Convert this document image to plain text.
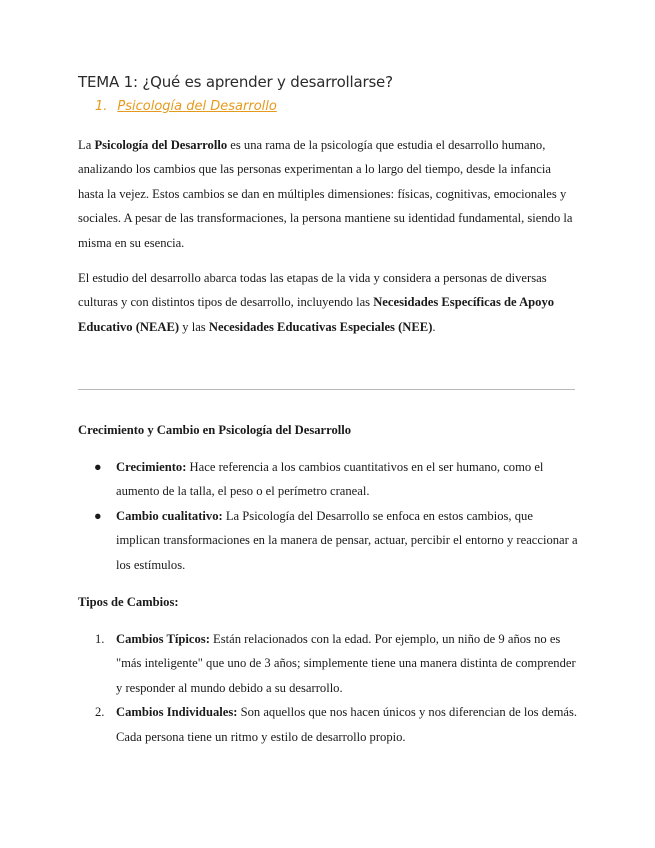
TEMA 1: ¿Qué es aprender y desarrollarse?
1. Psicología del Desarrollo

La Psicología del Desarrollo es una rama de la psicología que estudia el desarrollo humano, analizando los cambios que las personas experimentan a lo largo del tiempo, desde la infancia hasta la vejez. Estos cambios se dan en múltiples dimensiones: físicas, cognitivas, emocionales y sociales. A pesar de las transformaciones, la persona mantiene su identidad fundamental, siendo la misma en su esencia.

El estudio del desarrollo abarca todas las etapas de la vida y considera a personas de diversas culturas y con distintos tipos de desarrollo, incluyendo las Necesidades Específicas de Apoyo Educativo (NEAE) y las Necesidades Educativas Especiales (NEE).

Crecimiento y Cambio en Psicología del Desarrollo
● Crecimiento: Hace referencia a los cambios cuantitativos en el ser humano, como el aumento de la talla, el peso o el perímetro craneal.
● Cambio cualitativo: La Psicología del Desarrollo se enfoca en estos cambios, que implican transformaciones en la manera de pensar, actuar, percibir el entorno y reaccionar a los estímulos.
Tipos de Cambios:
1. Cambios Típicos: Están relacionados con la edad. Por ejemplo, un niño de 9 años no es "más inteligente" que uno de 3 años; simplemente tiene una manera distinta de comprender y responder al mundo debido a su desarrollo.
2. Cambios Individuales: Son aquellos que nos hacen únicos y nos diferencian de los demás. Cada persona tiene un ritmo y estilo de desarrollo propio.
